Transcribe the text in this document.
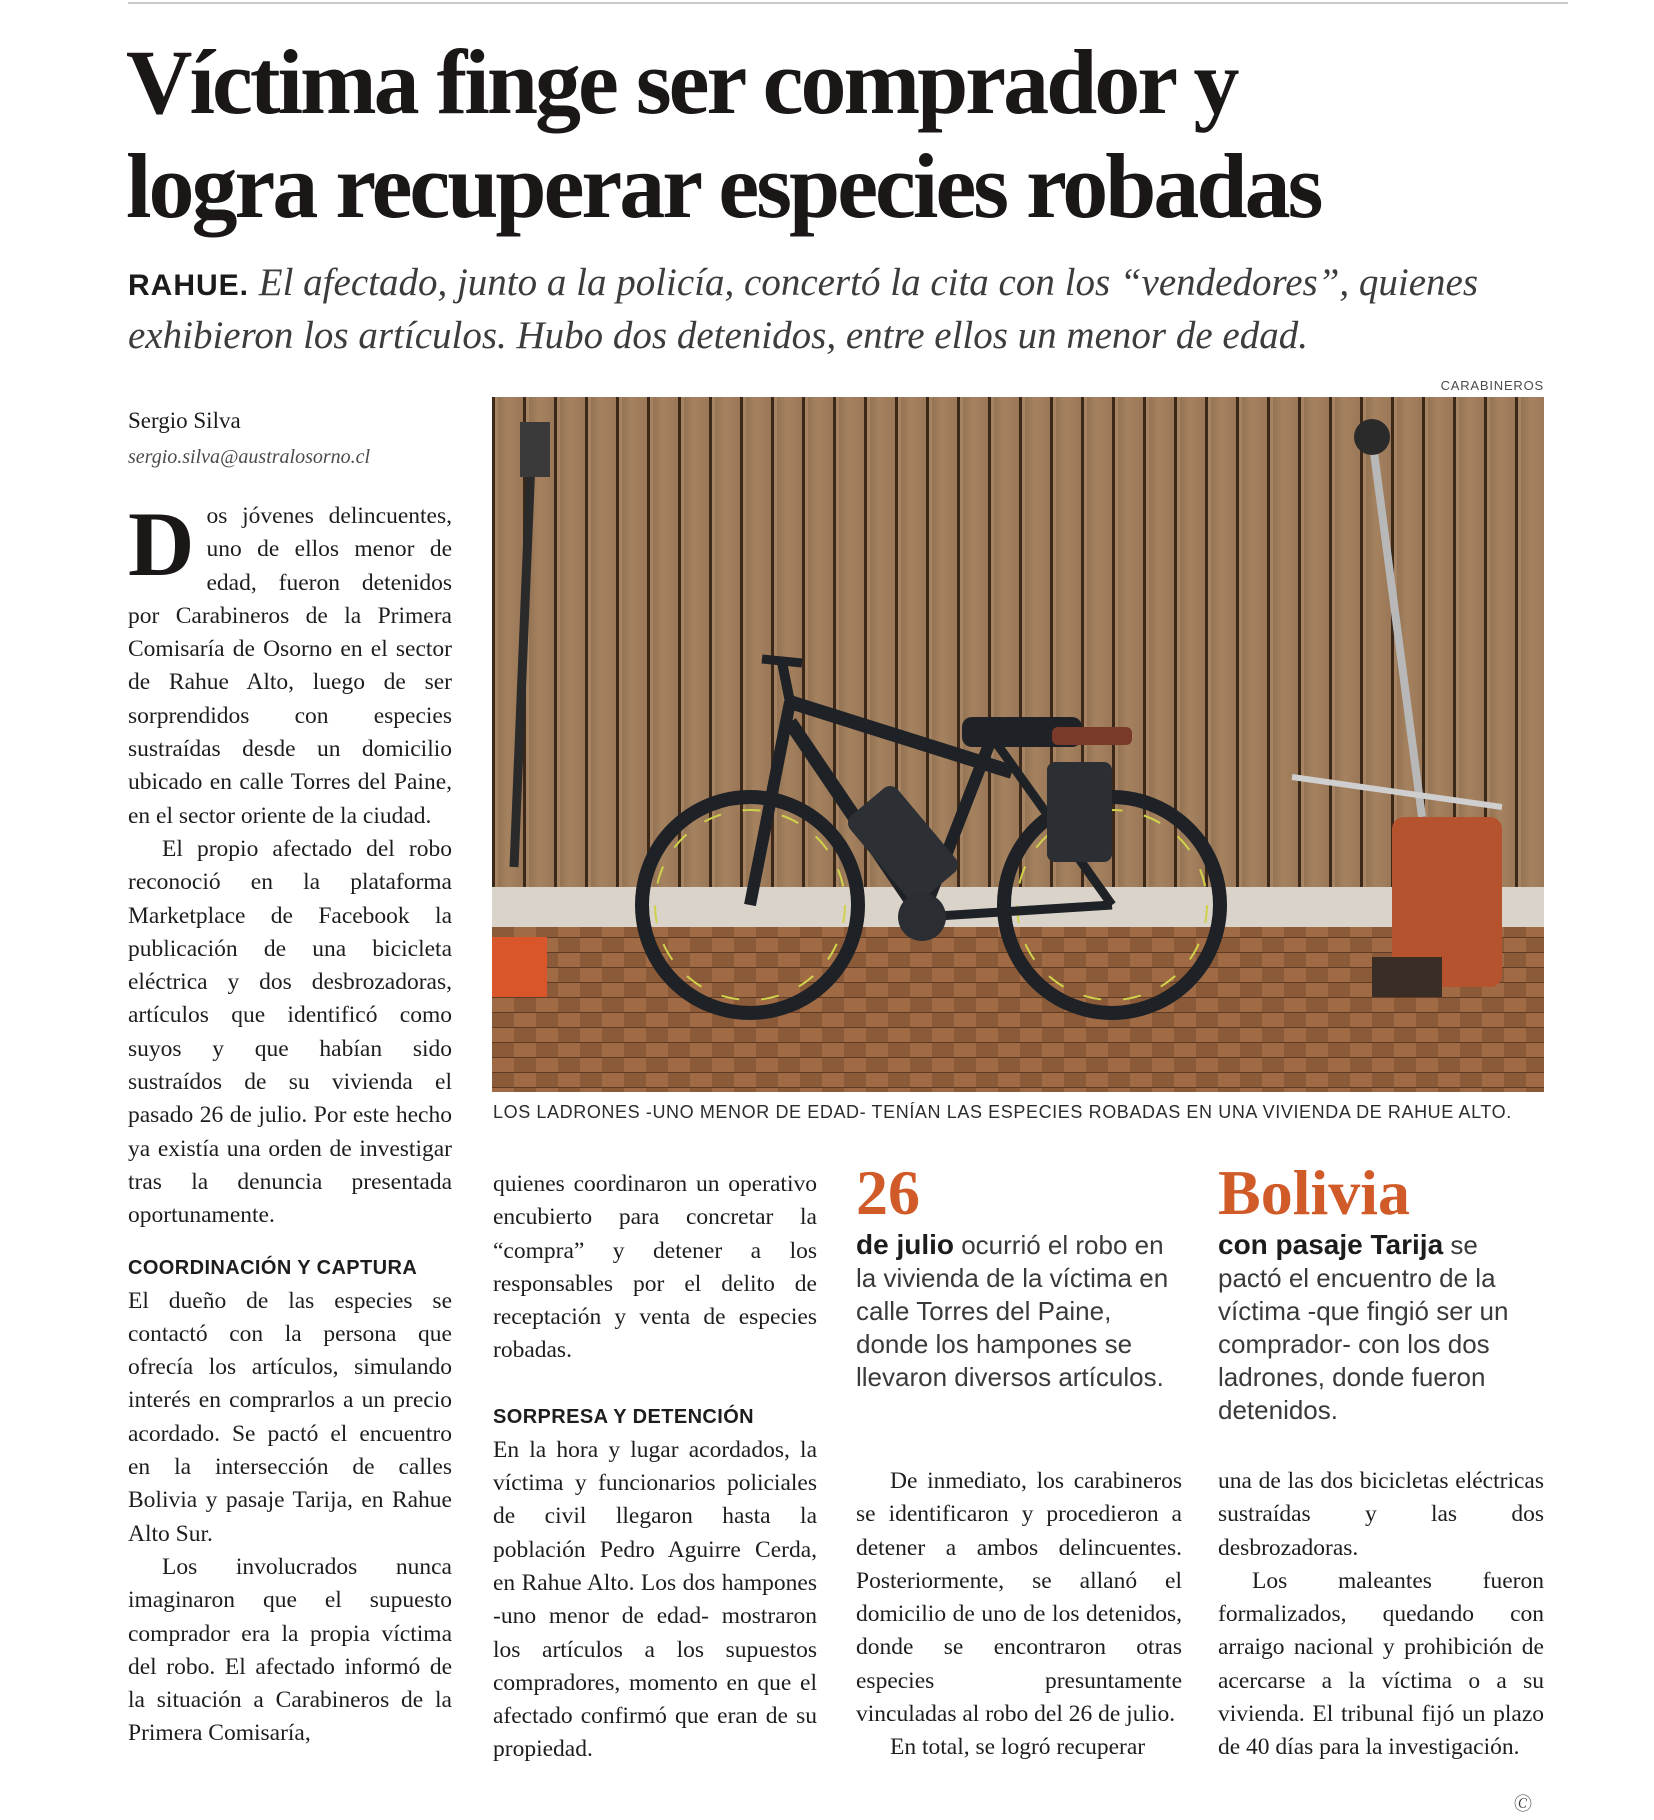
Víctima finge ser comprador y
logra recuperar especies robadas
RAHUE. El afectado, junto a la policía, concertó la cita con los “vendedores”, quienes exhibieron los artículos. Hubo dos detenidos, entre ellos un menor de edad.
Sergio Silva
sergio.silva@australosorno.cl

Dos jóvenes delincuentes, uno de ellos menor de edad, fueron detenidos por Carabineros de la Primera Comisaría de Osorno en el sector de Rahue Alto, luego de ser sorprendidos con especies sustraídas desde un domicilio ubicado en calle Torres del Paine, en el sector oriente de la ciudad.

El propio afectado del robo reconoció en la plataforma Marketplace de Facebook la publicación de una bicicleta eléctrica y dos desbrozadoras, artículos que identificó como suyos y que habían sido sustraídos de su vivienda el pasado 26 de julio. Por este hecho ya existía una orden de investigar tras la denuncia presentada oportunamente.

COORDINACIÓN Y CAPTURA

El dueño de las especies se contactó con la persona que ofrecía los artículos, simulando interés en comprarlos a un precio acordado. Se pactó el encuentro en la intersección de calles Bolivia y pasaje Tarija, en Rahue Alto Sur.

Los involucrados nunca imaginaron que el supuesto comprador era la propia víctima del robo. El afectado informó de la situación a Carabineros de la Primera Comisaría,

quienes coordinaron un operativo encubierto para concretar la “compra” y detener a los responsables por el delito de receptación y venta de especies robadas.

SORPRESA Y DETENCIÓN

En la hora y lugar acordados, la víctima y funcionarios policiales de civil llegaron hasta la población Pedro Aguirre Cerda, en Rahue Alto. Los dos hampones -uno menor de edad- mostraron los artículos a los supuestos compradores, momento en que el afectado confirmó que eran de su propiedad.

De inmediato, los carabineros se identificaron y procedieron a detener a ambos delincuentes. Posteriormente, se allanó el domicilio de uno de los detenidos, donde se encontraron otras especies presuntamente vinculadas al robo del 26 de julio.

En total, se logró recuperar

una de las dos bicicletas eléctricas sustraídas y las dos desbrozadoras.

Los maleantes fueron formalizados, quedando con arraigo nacional y prohibición de acercarse a la víctima o a su vivienda. El tribunal fijó un plazo de 40 días para la investigación.

🄫
CARABINEROS
LOS LADRONES -UNO MENOR DE EDAD- TENÍAN LAS ESPECIES ROBADAS EN UNA VIVIENDA DE RAHUE ALTO.
26
de julio ocurrió el robo en la vivienda de la víctima en calle Torres del Paine, donde los hampones se llevaron diversos artículos.
Bolivia
con pasaje Tarija se pactó el encuentro de la víctima -que fingió ser un comprador- con los dos ladrones, donde fueron detenidos.
